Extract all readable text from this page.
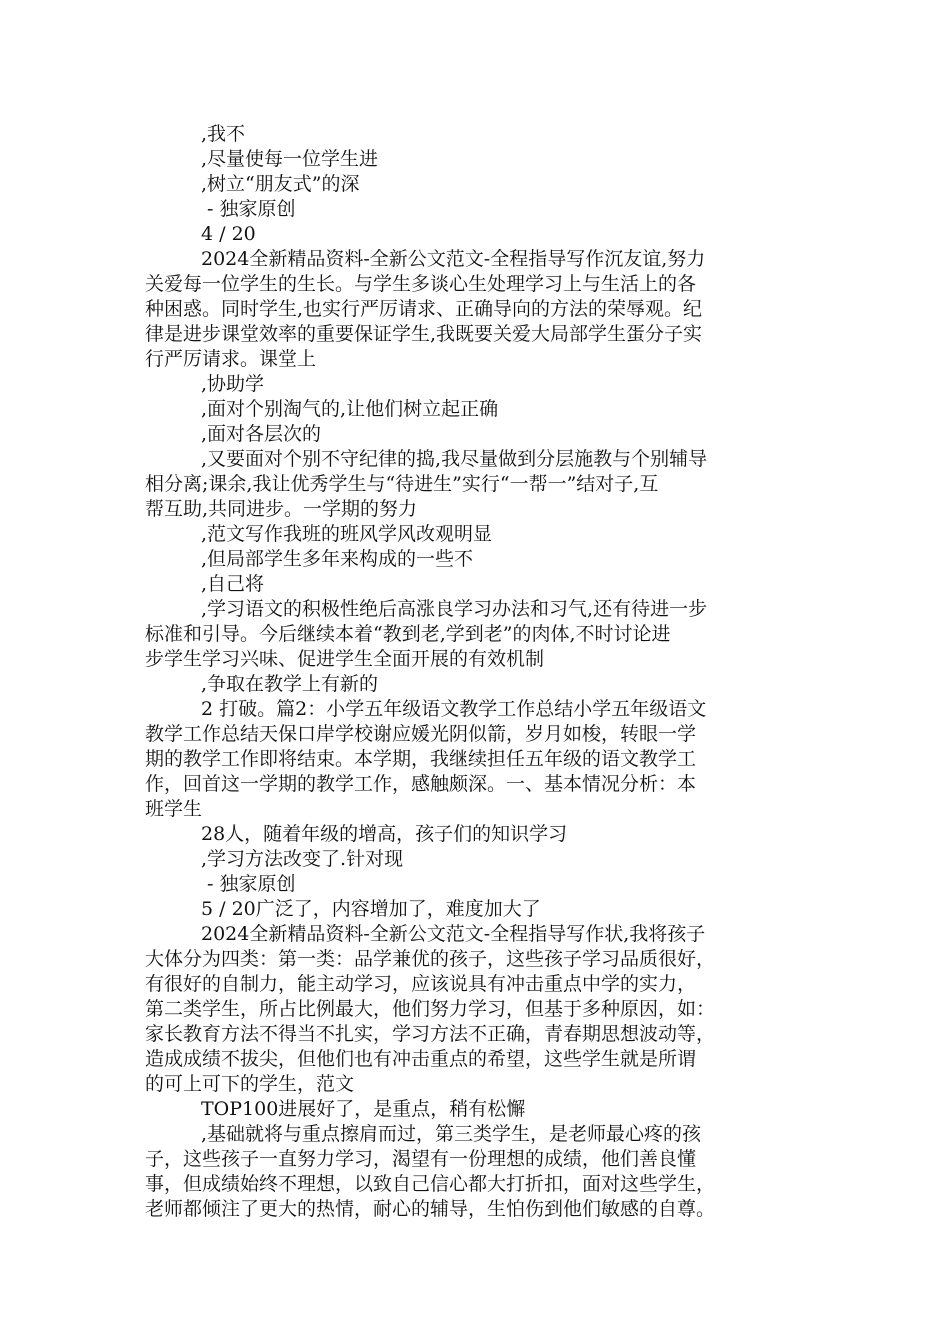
,我不

,尽量使每一位学生进

,树立“朋友式”的深

- 独家原创

4 / 20

2024全新精品资料-全新公文范文-全程指导写作沉友谊,努力

关爱每一位学生的生长。与学生多谈心生处理学习上与生活上的各

种困惑。同时学生,也实行严厉请求、正确导向的方法的荣辱观。纪

律是进步课堂效率的重要保证学生,我既要关爱大局部学生蛋分子实

行严厉请求。课堂上

,协助学

,面对个别淘气的,让他们树立起正确

,面对各层次的

,又要面对个别不守纪律的捣,我尽量做到分层施教与个别辅导

相分离;课余,我让优秀学生与“待进生”实行“一帮一”结对子,互

帮互助,共同进步。一学期的努力

,范文写作我班的班风学风改观明显

,但局部学生多年来构成的一些不

,自己将

,学习语文的积极性绝后高涨良学习办法和习气,还有待进一步

标准和引导。今后继续本着“教到老,学到老”的肉体,不时讨论进

步学生学习兴味、促进学生全面开展的有效机制

,争取在教学上有新的

2 打破。篇2：小学五年级语文教学工作总结小学五年级语文

教学工作总结天保口岸学校谢应媛光阴似箭，岁月如梭，转眼一学

期的教学工作即将结束。本学期，我继续担任五年级的语文教学工

作，回首这一学期的教学工作，感触颇深。一、基本情况分析：本

班学生

28人，随着年级的增高，孩子们的知识学习

,学习方法改变了.针对现

- 独家原创

5 / 20广泛了，内容增加了，难度加大了

2024全新精品资料-全新公文范文-全程指导写作状,我将孩子

大体分为四类：第一类：品学兼优的孩子，这些孩子学习品质很好，

有很好的自制力，能主动学习，应该说具有冲击重点中学的实力，

第二类学生，所占比例最大，他们努力学习，但基于多种原因，如：

家长教育方法不得当不扎实，学习方法不正确，青春期思想波动等，

造成成绩不拔尖，但他们也有冲击重点的希望，这些学生就是所谓

的可上可下的学生，范文

TOP100进展好了，是重点，稍有松懈

,基础就将与重点擦肩而过，第三类学生，是老师最心疼的孩

子，这些孩子一直努力学习，渴望有一份理想的成绩，他们善良懂

事，但成绩始终不理想，以致自己信心都大打折扣，面对这些学生，

老师都倾注了更大的热情，耐心的辅导，生怕伤到他们敏感的自尊。
